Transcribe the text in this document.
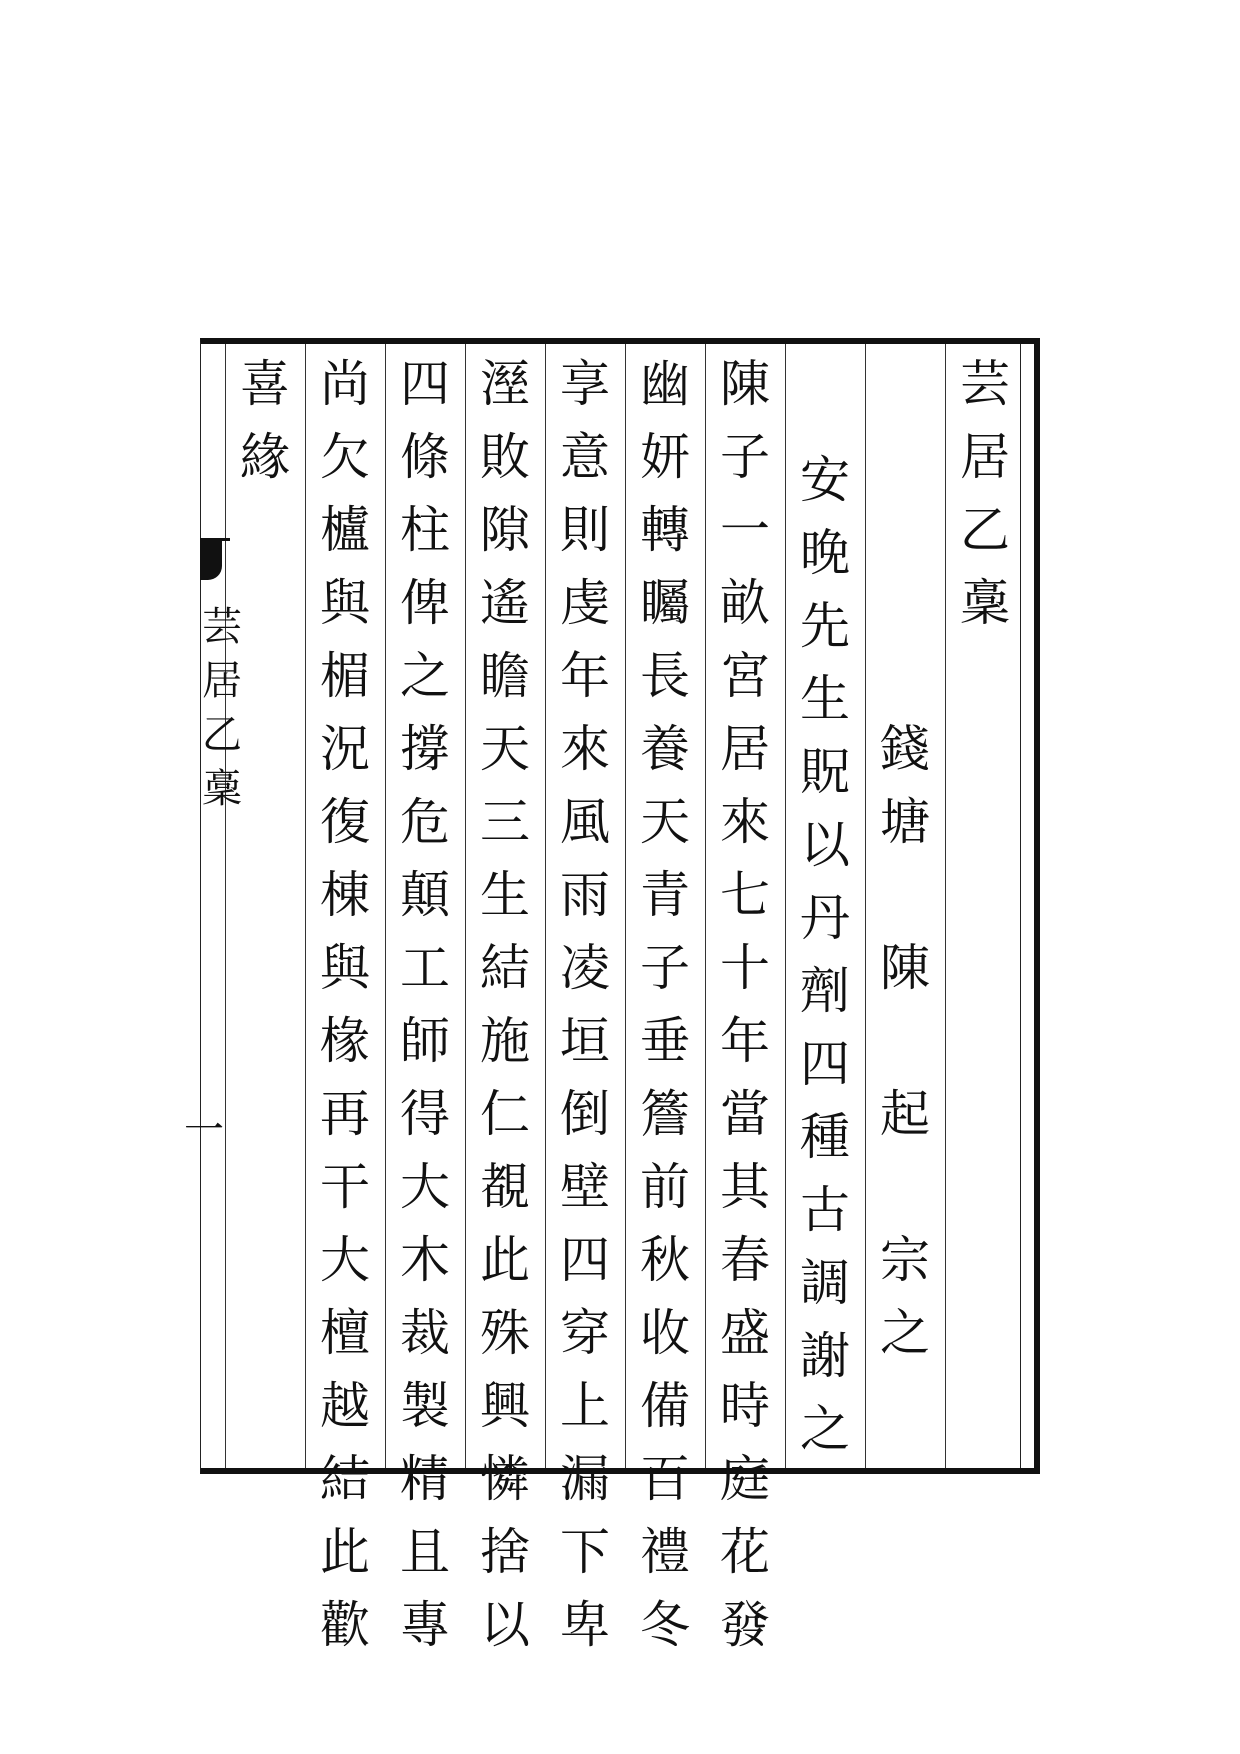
芸
居
乙
稾
錢
塘
陳
起
宗
之
安
晚
先
生
貺
以
丹
劑
四
種
古
調
謝
之
陳
子
一
畝
宮
居
來
七
十
年
當
其
春
盛
時
庭
花
發
幽
妍
轉
矚
長
養
天
青
子
垂
簷
前
秋
收
備
百
禮
冬
享
意
則
虔
年
來
風
雨
凌
垣
倒
壁
四
穿
上
漏
下
卑
溼
敗
隙
遙
瞻
天
三
生
結
施
仁
覩
此
殊
興
憐
捨
以
四
條
柱
俾
之
撐
危
顛
工
師
得
大
木
裁
製
精
且
專
尚
欠
櫨
與
楣
況
復
棟
與
椽
再
干
大
檀
越
結
此
歡
喜
緣
芸
居
乙
稾
一
